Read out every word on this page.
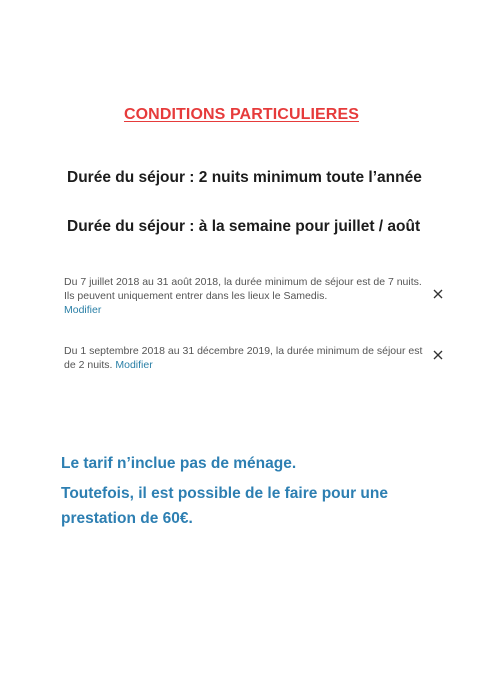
CONDITIONS PARTICULIERES
Durée du séjour : 2 nuits minimum toute l’année
Durée du séjour : à la semaine pour juillet / août
Du 7 juillet 2018 au 31 août 2018, la durée minimum de séjour est de 7 nuits. Ils peuvent uniquement entrer dans les lieux le Samedis.
Modifier
Du 1 septembre 2018 au 31 décembre 2019, la durée minimum de séjour est de 2 nuits. Modifier
Le tarif n’inclue pas de ménage.
Toutefois, il est possible de le faire pour une prestation de 60€.
